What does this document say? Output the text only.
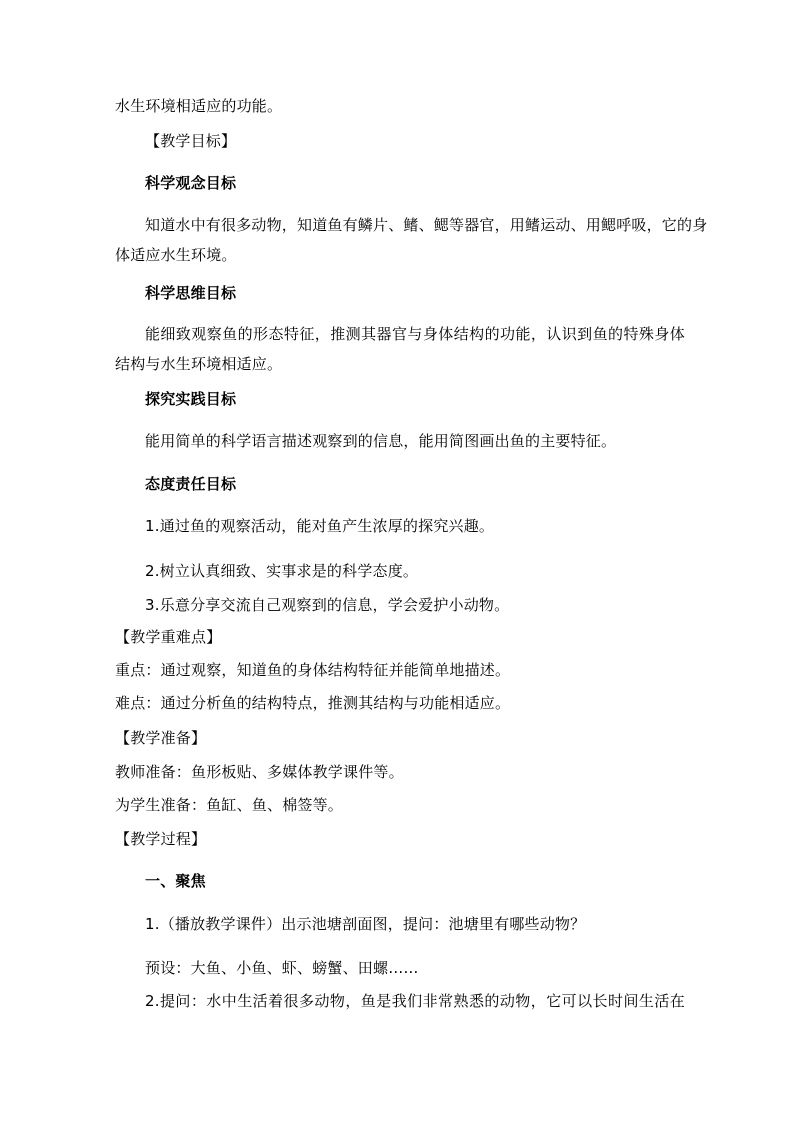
水生环境相适应的功能。
【教学目标】
科学观念目标
知道水中有很多动物，知道鱼有鳞片、鳍、鳃等器官，用鳍运动、用鳃呼吸，它的身
体适应水生环境。
科学思维目标
能细致观察鱼的形态特征，推测其器官与身体结构的功能，认识到鱼的特殊身体
结构与水生环境相适应。
探究实践目标
能用简单的科学语言描述观察到的信息，能用简图画出鱼的主要特征。
态度责任目标
1.通过鱼的观察活动，能对鱼产生浓厚的探究兴趣。
2.树立认真细致、实事求是的科学态度。
3.乐意分享交流自己观察到的信息，学会爱护小动物。
【教学重难点】
重点：通过观察，知道鱼的身体结构特征并能简单地描述。
难点：通过分析鱼的结构特点，推测其结构与功能相适应。
【教学准备】
教师准备：鱼形板贴、多媒体教学课件等。
为学生准备：鱼缸、鱼、棉签等。
【教学过程】
一、聚焦
1.（播放教学课件）出示池塘剖面图，提问：池塘里有哪些动物？
预设：大鱼、小鱼、虾、螃蟹、田螺……
2.提问：水中生活着很多动物，鱼是我们非常熟悉的动物，它可以长时间生活在
